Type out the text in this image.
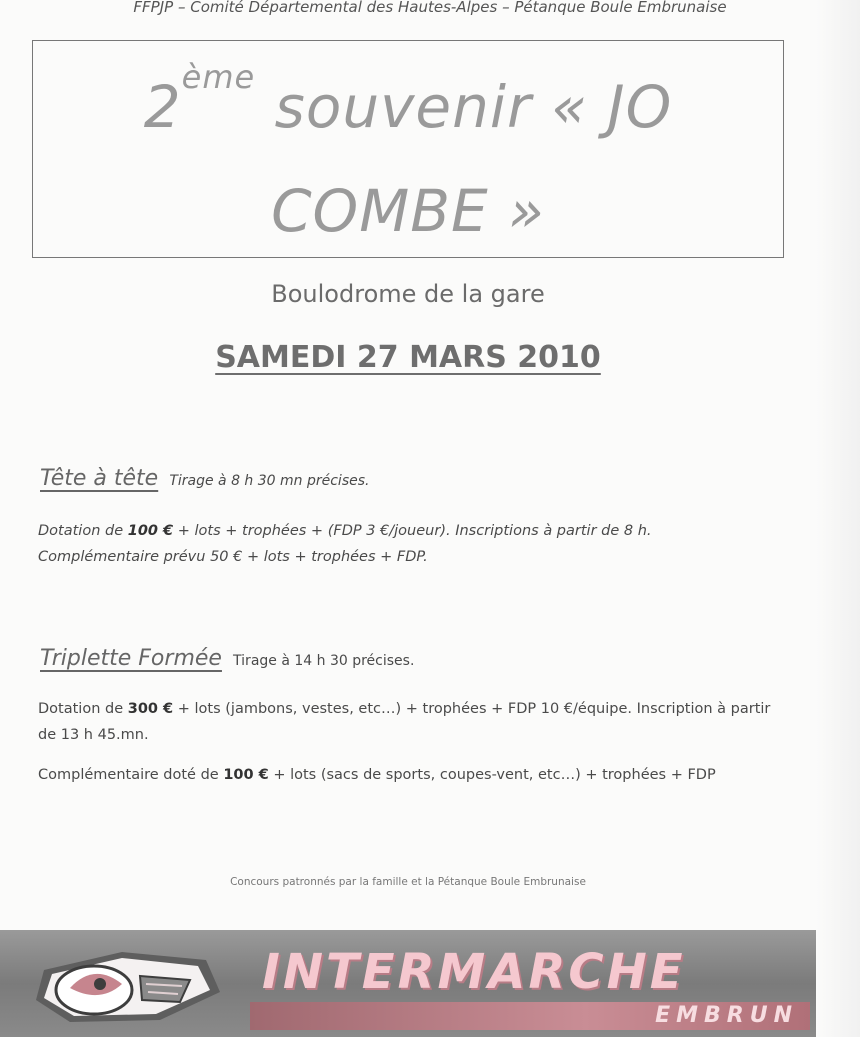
FFPJP – Comité Départemental des Hautes-Alpes – Pétanque Boule Embrunaise
2ème souvenir « JO
COMBE »
Boulodrome de la gare
SAMEDI 27 MARS 2010
Tête à tête Tirage à 8 h 30 mn précises.
Dotation de 100 € + lots + trophées + (FDP 3 €/joueur). Inscriptions à partir de 8 h.
Complémentaire prévu 50 € + lots + trophées + FDP.
Triplette Formée Tirage à 14 h 30 précises.
Dotation de 300 € + lots (jambons, vestes, etc…) + trophées + FDP 10 €/équipe. Inscription à partir de 13 h 45.mn.
Complémentaire doté de 100 € + lots (sacs de sports, coupes-vent, etc…) + trophées + FDP
Concours patronnés par la famille et la Pétanque Boule Embrunaise
INTERMARCHE
EMBRUN
